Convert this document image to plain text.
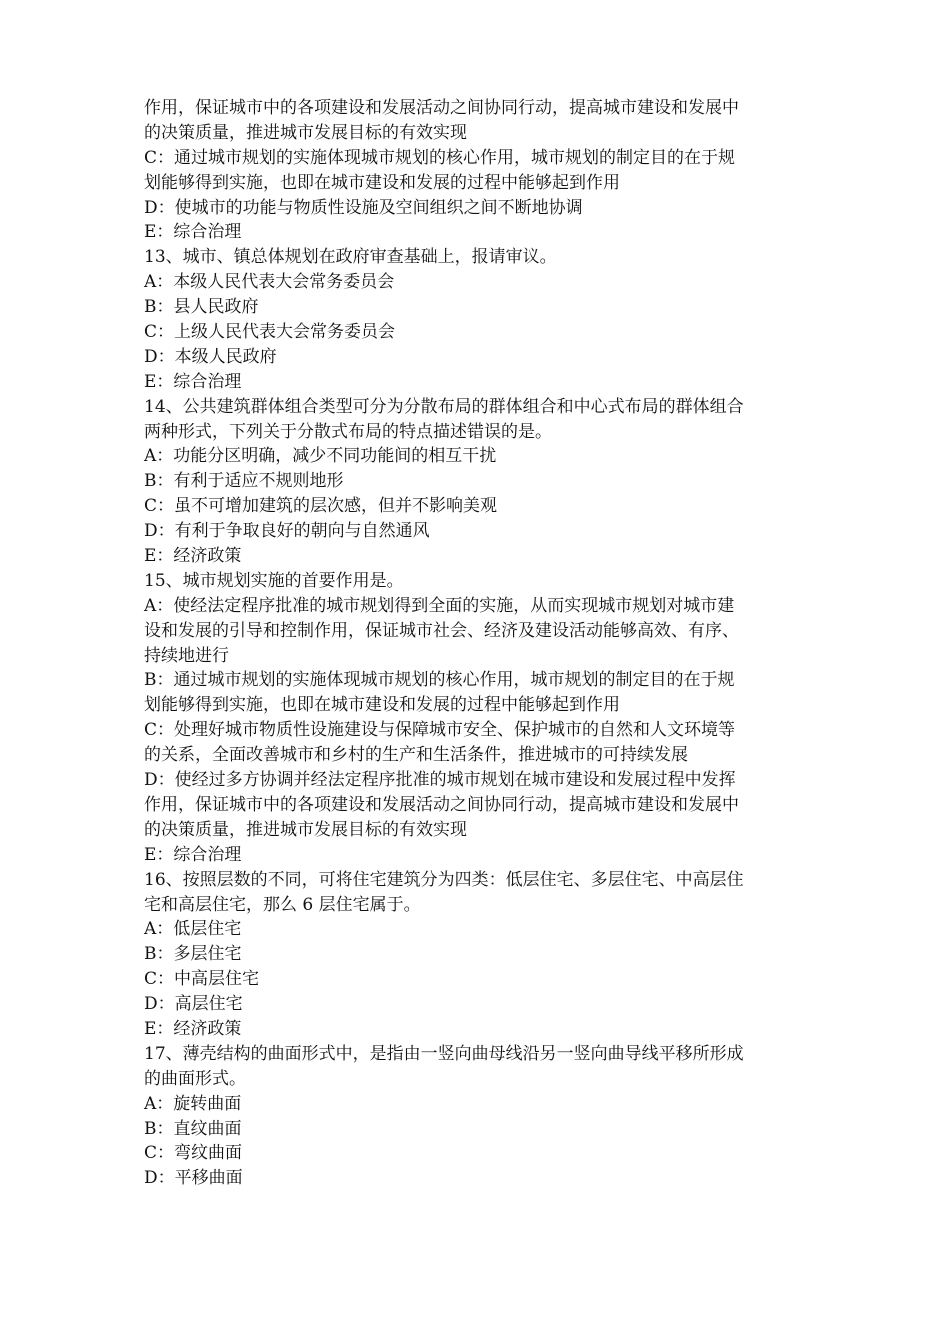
作用，保证城市中的各项建设和发展活动之间协同行动，提高城市建设和发展中
的决策质量，推进城市发展目标的有效实现
C：通过城市规划的实施体现城市规划的核心作用，城市规划的制定目的在于规
划能够得到实施，也即在城市建设和发展的过程中能够起到作用
D：使城市的功能与物质性设施及空间组织之间不断地协调
E：综合治理
13、城市、镇总体规划在政府审查基础上，报请审议。
A：本级人民代表大会常务委员会
B：县人民政府
C：上级人民代表大会常务委员会
D：本级人民政府
E：综合治理
14、公共建筑群体组合类型可分为分散布局的群体组合和中心式布局的群体组合
两种形式，下列关于分散式布局的特点描述错误的是。
A：功能分区明确，减少不同功能间的相互干扰
B：有利于适应不规则地形
C：虽不可增加建筑的层次感，但并不影响美观
D：有利于争取良好的朝向与自然通风
E：经济政策
15、城市规划实施的首要作用是。
A：使经法定程序批准的城市规划得到全面的实施，从而实现城市规划对城市建
设和发展的引导和控制作用，保证城市社会、经济及建设活动能够高效、有序、
持续地进行
B：通过城市规划的实施体现城市规划的核心作用，城市规划的制定目的在于规
划能够得到实施，也即在城市建设和发展的过程中能够起到作用
C：处理好城市物质性设施建设与保障城市安全、保护城市的自然和人文环境等
的关系，全面改善城市和乡村的生产和生活条件，推进城市的可持续发展
D：使经过多方协调并经法定程序批准的城市规划在城市建设和发展过程中发挥
作用，保证城市中的各项建设和发展活动之间协同行动，提高城市建设和发展中
的决策质量，推进城市发展目标的有效实现
E：综合治理
16、按照层数的不同，可将住宅建筑分为四类：低层住宅、多层住宅、中高层住
宅和高层住宅，那么 6 层住宅属于。
A：低层住宅
B：多层住宅
C：中高层住宅
D：高层住宅
E：经济政策
17、薄壳结构的曲面形式中，是指由一竖向曲母线沿另一竖向曲导线平移所形成
的曲面形式。
A：旋转曲面
B：直纹曲面
C：弯纹曲面
D：平移曲面
